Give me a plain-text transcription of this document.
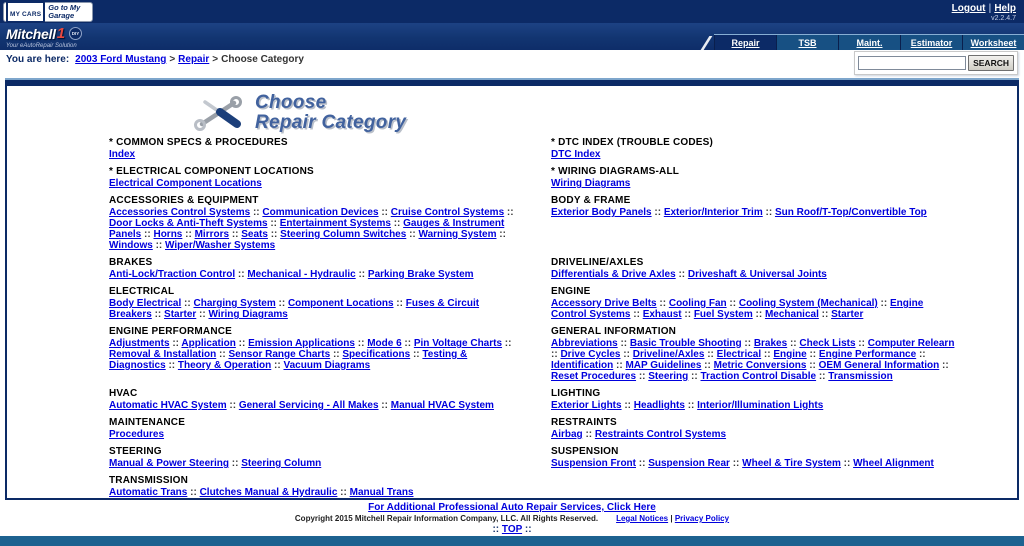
MY CARS
Go to My Garage
Logout | Help
v2.2.4.7
Mitchell 1	DIY
Your eAutoRepair Solution	Repair	TSB	Maint.	Estimator Worksheet
You are here: 2003 Ford Mustang > Repair > Choose Category	SEARCH
Choose
Repair Category
* COMMON SPECS & PROCEDURES
Index
* DTC INDEX (TROUBLE CODES)
DTC Index
* ELECTRICAL COMPONENT LOCATIONS
Electrical Component Locations
* WIRING DIAGRAMS-ALL
Wiring Diagrams
ACCESSORIES & EQUIPMENT
Accessories Control Systems :: Communication Devices :: Cruise Control Systems :: Door Locks & Anti-Theft Systems :: Entertainment Systems :: Gauges & Instrument Panels :: Horns :: Mirrors :: Seats :: Steering Column Switches :: Warning System :: Windows :: Wiper/Washer Systems
BODY & FRAME
Exterior Body Panels :: Exterior/Interior Trim :: Sun Roof/T-Top/Convertible Top
BRAKES
Anti-Lock/Traction Control :: Mechanical - Hydraulic :: Parking Brake System
DRIVELINE/AXLES
Differentials & Drive Axles :: Driveshaft & Universal Joints
ELECTRICAL
Body Electrical :: Charging System :: Component Locations :: Fuses & Circuit Breakers :: Starter :: Wiring Diagrams
ENGINE
Accessory Drive Belts :: Cooling Fan :: Cooling System (Mechanical) :: Engine Control Systems :: Exhaust :: Fuel System :: Mechanical :: Starter
ENGINE PERFORMANCE
Adjustments :: Application :: Emission Applications :: Mode 6 :: Pin Voltage Charts :: Removal & Installation :: Sensor Range Charts :: Specifications :: Testing & Diagnostics :: Theory & Operation :: Vacuum Diagrams
GENERAL INFORMATION
Abbreviations :: Basic Trouble Shooting :: Brakes :: Check Lists :: Computer Relearn :: Drive Cycles :: Driveline/Axles :: Electrical :: Engine :: Engine Performance :: Identification :: MAP Guidelines :: Metric Conversions :: OEM General Information :: Reset Procedures :: Steering :: Traction Control Disable :: Transmission
HVAC
Automatic HVAC System :: General Servicing - All Makes :: Manual HVAC System
LIGHTING
Exterior Lights :: Headlights :: Interior/Illumination Lights
MAINTENANCE
Procedures
RESTRAINTS
Airbag :: Restraints Control Systems
STEERING
Manual & Power Steering :: Steering Column
SUSPENSION
Suspension Front :: Suspension Rear :: Wheel & Tire System :: Wheel Alignment
TRANSMISSION
Automatic Trans :: Clutches Manual & Hydraulic :: Manual Trans
For Additional Professional Auto Repair Services, Click Here
Copyright 2015 Mitchell Repair Information Company, LLC. All Rights Reserved. Legal Notices | Privacy Policy
:: TOP ::
